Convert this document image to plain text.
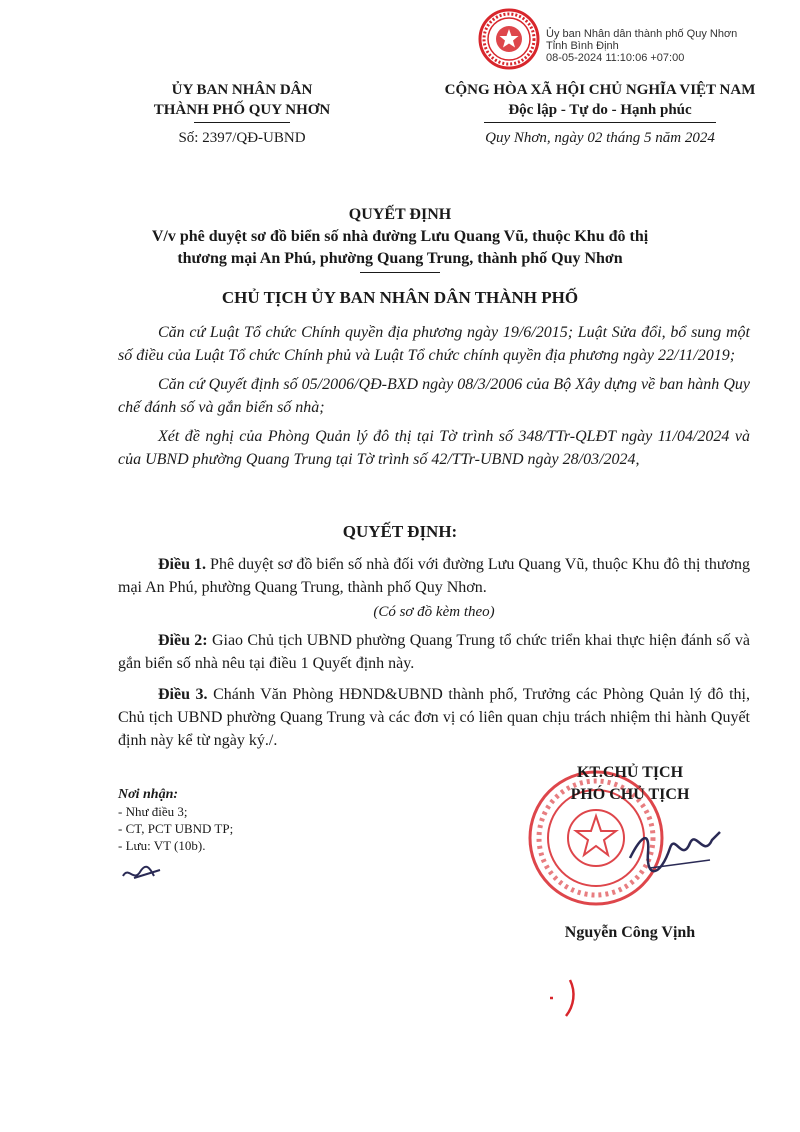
Ủy ban Nhân dân thành phố Quy Nhơn
Tỉnh Bình Định
08-05-2024 11:10:06 +07:00
ỦY BAN NHÂN DÂN
THÀNH PHỐ QUY NHƠN
Số: 2397/QĐ-UBND
CỘNG HÒA XÃ HỘI CHỦ NGHĨA VIỆT NAM
Độc lập - Tự do - Hạnh phúc
Quy Nhơn, ngày 02 tháng 5 năm 2024
QUYẾT ĐỊNH
V/v phê duyệt sơ đồ biển số nhà đường Lưu Quang Vũ, thuộc Khu đô thị
thương mại An Phú, phường Quang Trung, thành phố Quy Nhơn
CHỦ TỊCH ỦY BAN NHÂN DÂN THÀNH PHỐ

Căn cứ Luật Tổ chức Chính quyền địa phương ngày 19/6/2015; Luật Sửa đổi, bổ sung một số điều của Luật Tổ chức Chính phủ và Luật Tổ chức chính quyền địa phương ngày 22/11/2019;

Căn cứ Quyết định số 05/2006/QĐ-BXD ngày 08/3/2006 của Bộ Xây dựng về ban hành Quy chế đánh số và gắn biển số nhà;

Xét đề nghị của Phòng Quản lý đô thị tại Tờ trình số 348/TTr-QLĐT ngày 11/04/2024 và của UBND phường Quang Trung tại Tờ trình số 42/TTr-UBND ngày 28/03/2024,

QUYẾT ĐỊNH:

Điều 1. Phê duyệt sơ đồ biển số nhà đối với đường Lưu Quang Vũ, thuộc Khu đô thị thương mại An Phú, phường Quang Trung, thành phố Quy Nhơn.

(Có sơ đồ kèm theo)

Điều 2: Giao Chủ tịch UBND phường Quang Trung tổ chức triển khai thực hiện đánh số và gắn biển số nhà nêu tại điều 1 Quyết định này.

Điều 3. Chánh Văn Phòng HĐND&UBND thành phố, Trưởng các Phòng Quản lý đô thị, Chủ tịch UBND phường Quang Trung và các đơn vị có liên quan chịu trách nhiệm thi hành Quyết định này kể từ ngày ký./.

Nơi nhận:
- Như điều 3;
- CT, PCT UBND TP;
- Lưu: VT (10b).
KT.CHỦ TỊCH
PHÓ CHỦ TỊCH
Nguyễn Công Vịnh
